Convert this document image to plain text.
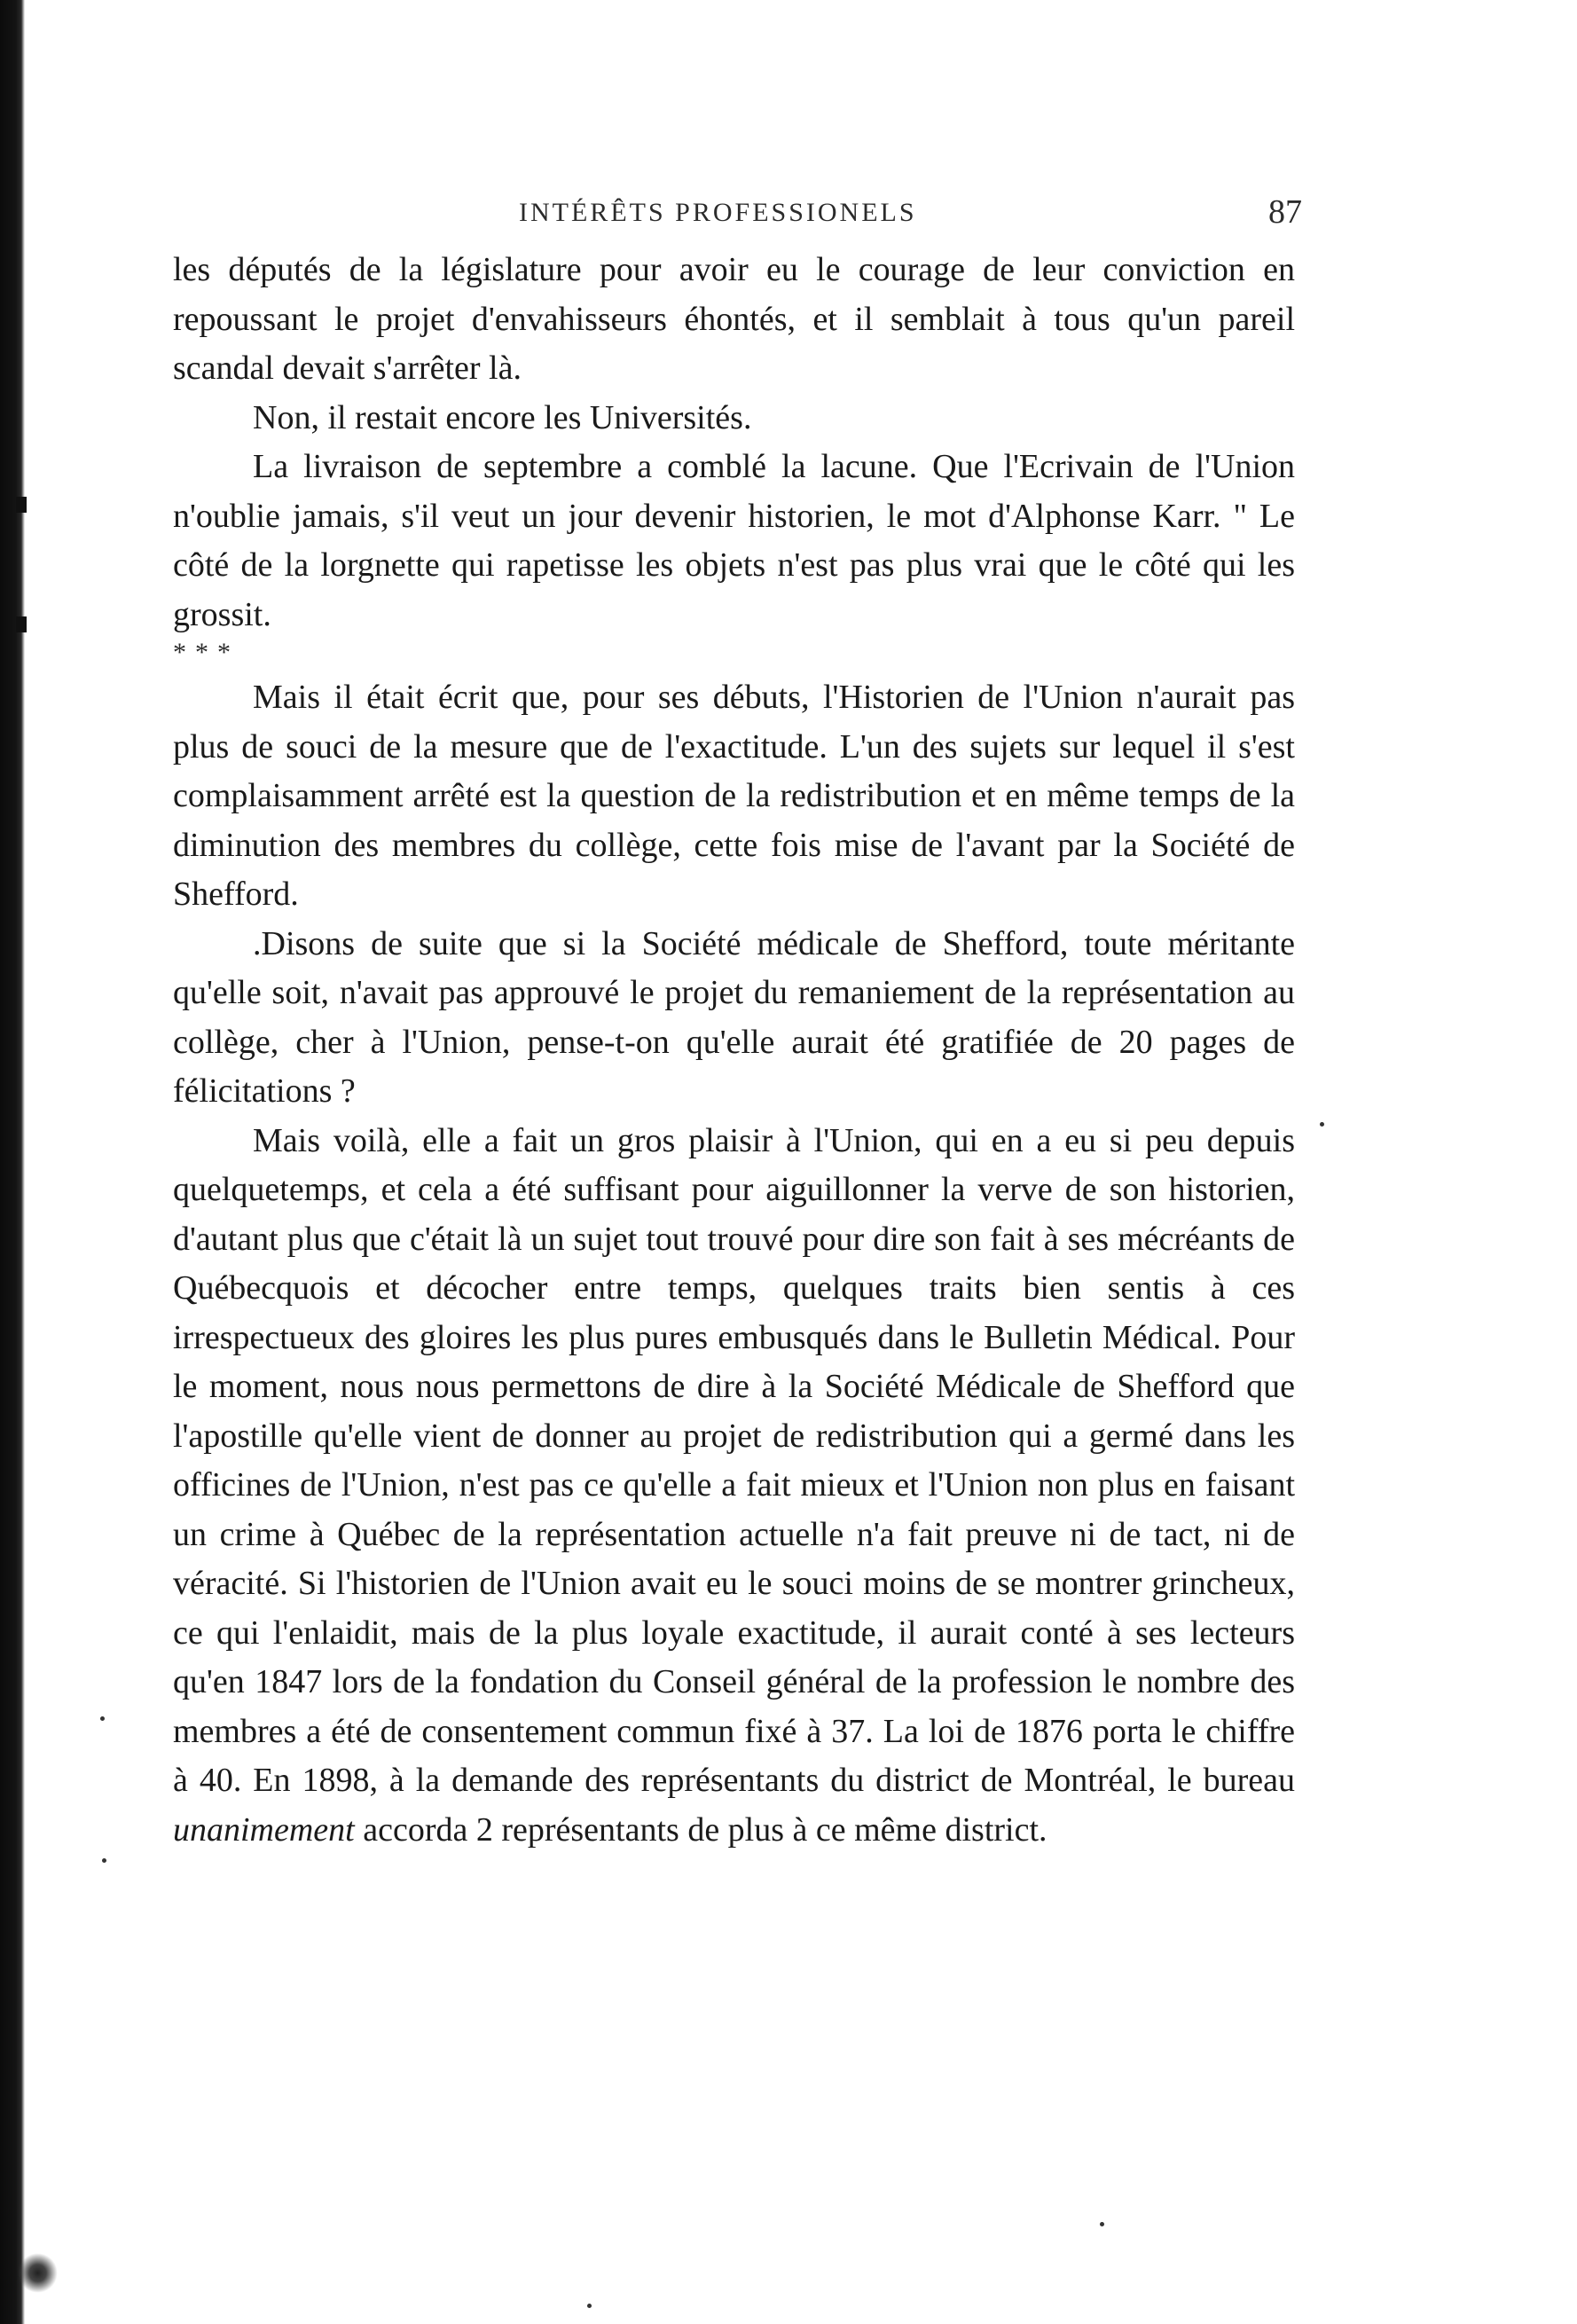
INTÉRÊTS PROFESSIONELS	87

les députés de la législature pour avoir eu le courage de leur conviction en repoussant le projet d'envahisseurs éhontés, et il semblait à tous qu'un pareil scandal devait s'arrêter là.

Non, il restait encore les Universités.

La livraison de septembre a comblé la lacune. Que l'Ecrivain de l'Union n'oublie jamais, s'il veut un jour devenir historien, le mot d'Alphonse Karr. " Le côté de la lorgnette qui rapetisse les objets n'est pas plus vrai que le côté qui les grossit.

* * *

Mais il était écrit que, pour ses débuts, l'Historien de l'Union n'aurait pas plus de souci de la mesure que de l'exactitude. L'un des sujets sur lequel il s'est complaisamment arrêté est la question de la redistribution et en même temps de la diminution des membres du collège, cette fois mise de l'avant par la Société de Shefford.

.Disons de suite que si la Société médicale de Shefford, toute méritante qu'elle soit, n'avait pas approuvé le projet du remaniement de la représentation au collège, cher à l'Union, pense-t-on qu'elle aurait été gratifiée de 20 pages de félicitations ?

Mais voilà, elle a fait un gros plaisir à l'Union, qui en a eu si peu depuis quelquetemps, et cela a été suffisant pour aiguillonner la verve de son historien, d'autant plus que c'était là un sujet tout trouvé pour dire son fait à ses mécréants de Québecquois et décocher entre temps, quelques traits bien sentis à ces irrespectueux des gloires les plus pures embusqués dans le Bulletin Médical. Pour le moment, nous nous permettons de dire à la Société Médicale de Shefford que l'apostille qu'elle vient de donner au projet de redistribution qui a germé dans les officines de l'Union, n'est pas ce qu'elle a fait mieux et l'Union non plus en faisant un crime à Québec de la représentation actuelle n'a fait preuve ni de tact, ni de véracité. Si l'historien de l'Union avait eu le souci moins de se montrer grincheux, ce qui l'enlaidit, mais de la plus loyale exactitude, il aurait conté à ses lecteurs qu'en 1847 lors de la fondation du Conseil général de la profession le nombre des membres a été de consentement commun fixé à 37. La loi de 1876 porta le chiffre à 40. En 1898, à la demande des représentants du district de Montréal, le bureau unanimement accorda 2 représentants de plus à ce même district.
